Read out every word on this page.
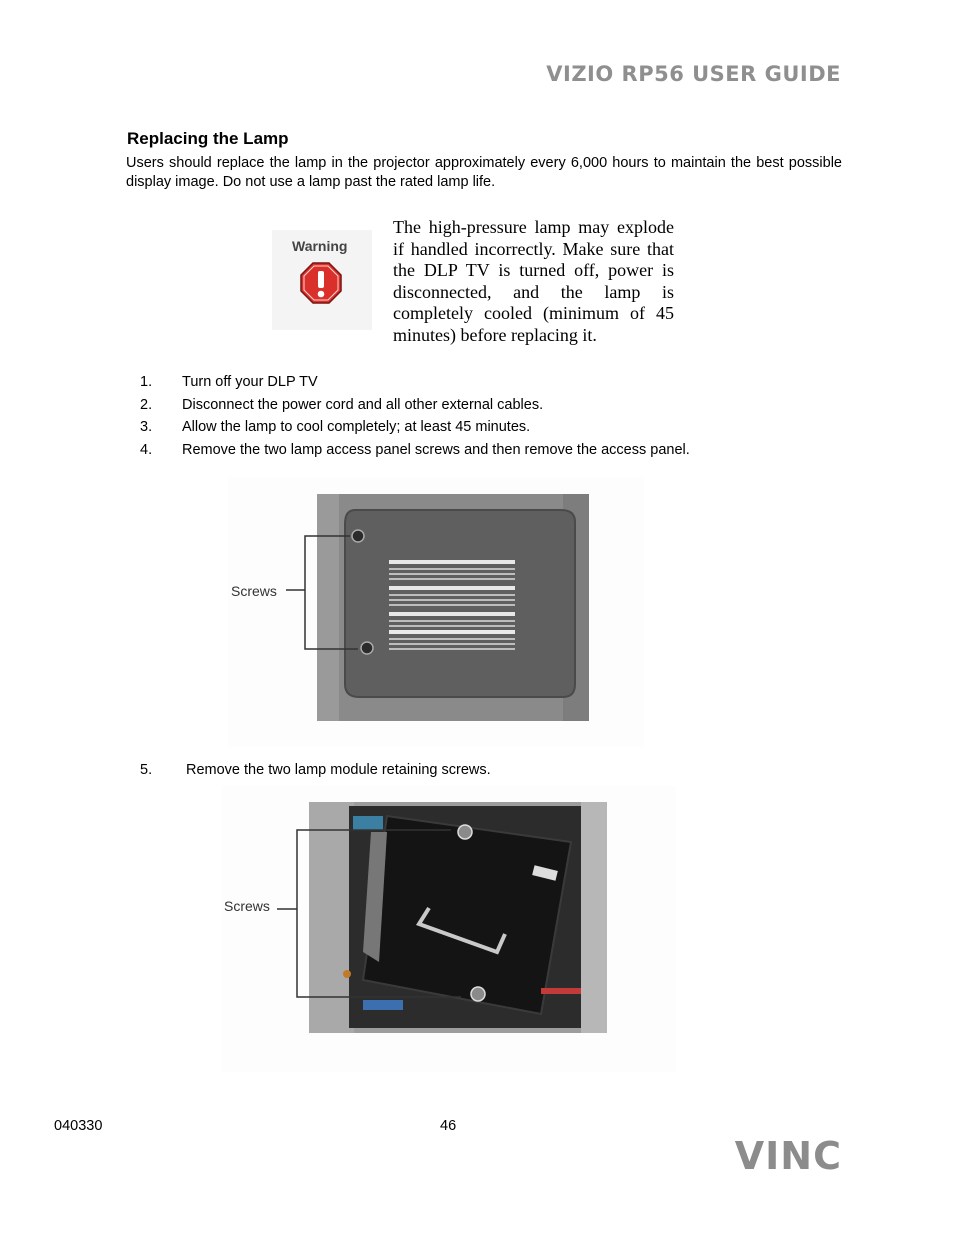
VIZIO RP56 USER GUIDE
Replacing the Lamp
Users should replace the lamp in the projector approximately every 6,000 hours to maintain the best possible display image. Do not use a lamp past the rated lamp life.
Warning
The high-pressure lamp may explode if handled incorrectly. Make sure that the DLP TV is turned off, power is disconnected, and the lamp is completely cooled (minimum of 45 minutes) before replacing it.
1. Turn off your DLP TV
2. Disconnect the power cord and all other external cables.
3. Allow the lamp to cool completely; at least 45 minutes.
4. Remove the two lamp access panel screws and then remove the access panel.
Screws
5. Remove the two lamp module retaining screws.
Screws
040330	46
VINC
